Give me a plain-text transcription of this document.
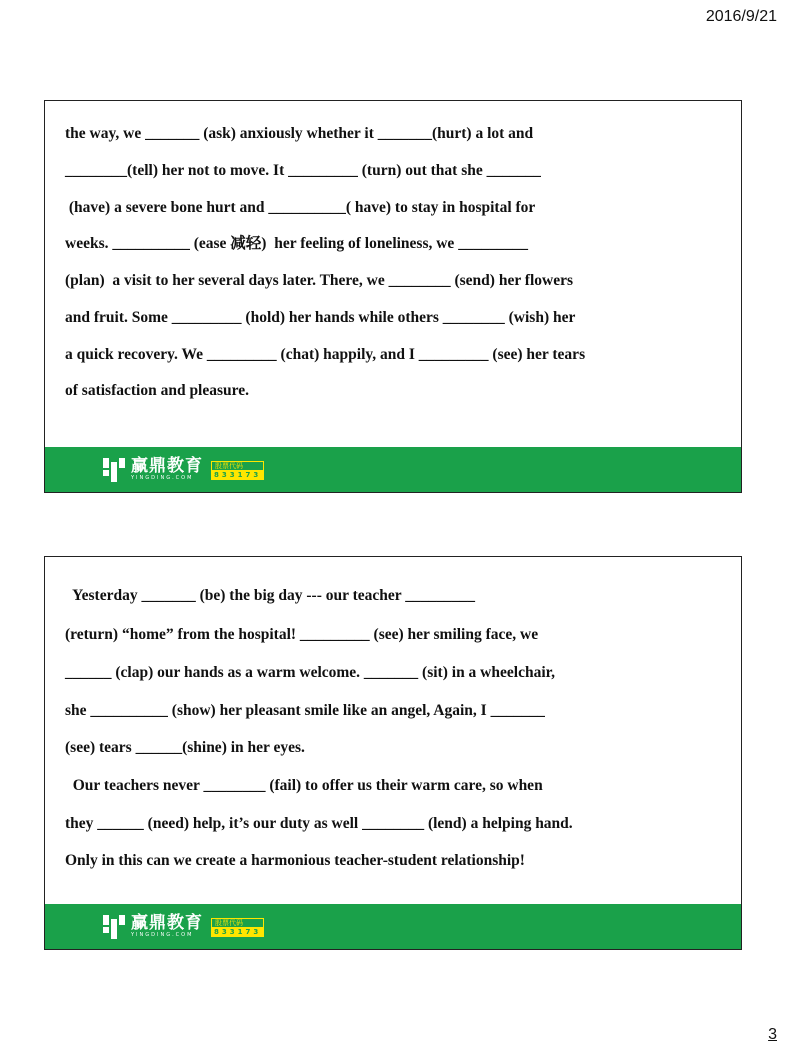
2016/9/21
the way, we _______ (ask) anxiously whether it _______(hurt) a lot and
________(tell) her not to move. It _________ (turn) out that she _______
(have) a severe bone hurt and __________( have) to stay in hospital for
weeks. __________ (ease 减轻)  her feeling of loneliness, we _________
(plan)  a visit to her several days later. There, we ________ (send) her flowers
and fruit. Some _________ (hold) her hands while others ________ (wish) her
a quick recovery. We _________ (chat) happily, and I _________ (see) her tears
of satisfaction and pleasure.
赢鼎教育
YINGDING.COM
股票代码
833173
Yesterday _______ (be) the big day --- our teacher _________
(return) “home” from the hospital! _________ (see) her smiling face, we
______ (clap) our hands as a warm welcome. _______ (sit) in a wheelchair,
she __________ (show) her pleasant smile like an angel, Again, I _______
(see) tears ______(shine) in her eyes.
Our teachers never ________ (fail) to offer us their warm care, so when
they ______ (need) help, it’s our duty as well ________ (lend) a helping hand.
Only in this can we create a harmonious teacher-student relationship!
赢鼎教育
YINGDING.COM
股票代码
833173
3
